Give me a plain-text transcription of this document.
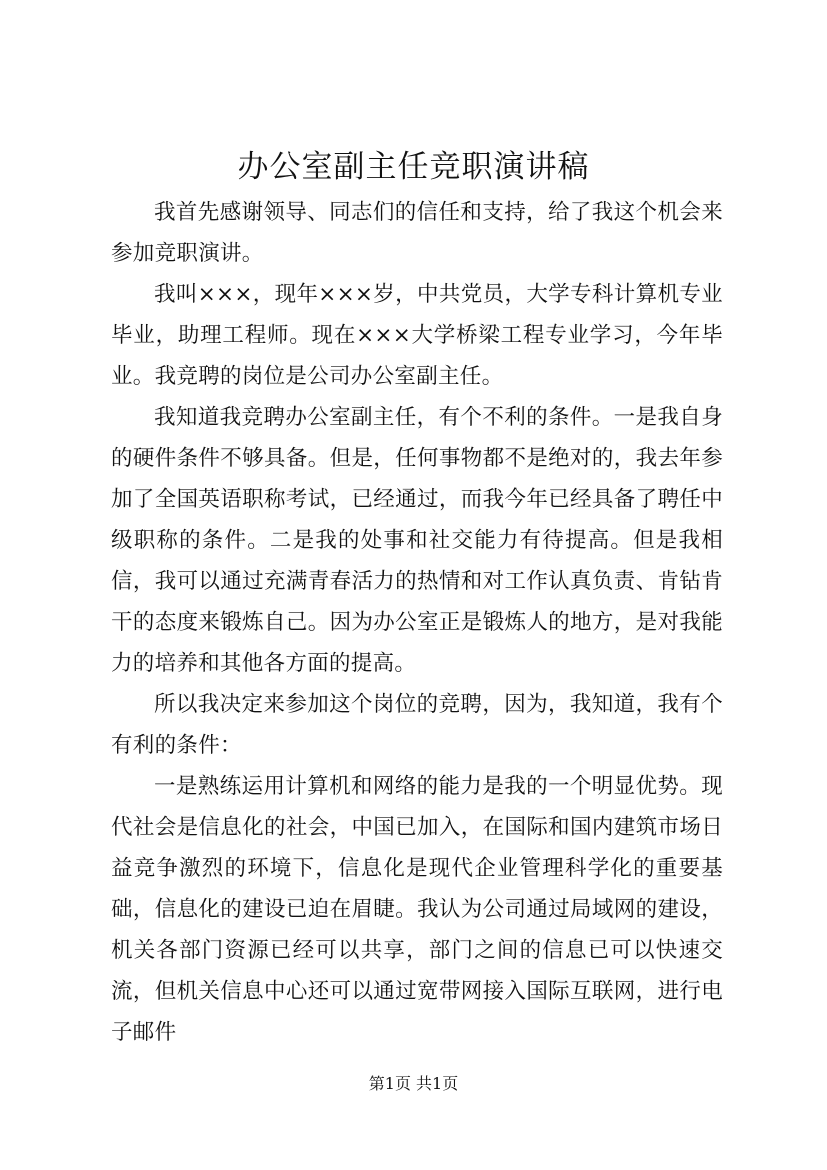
办公室副主任竞职演讲稿

我首先感谢领导、同志们的信任和支持，给了我这个机会来参加竞职演讲。

我叫×××，现年×××岁，中共党员，大学专科计算机专业毕业，助理工程师。现在×××大学桥梁工程专业学习，今年毕业。我竞聘的岗位是公司办公室副主任。

我知道我竞聘办公室副主任，有个不利的条件。一是我自身的硬件条件不够具备。但是，任何事物都不是绝对的，我去年参加了全国英语职称考试，已经通过，而我今年已经具备了聘任中级职称的条件。二是我的处事和社交能力有待提高。但是我相信，我可以通过充满青春活力的热情和对工作认真负责、肯钻肯干的态度来锻炼自己。因为办公室正是锻炼人的地方，是对我能力的培养和其他各方面的提高。

所以我决定来参加这个岗位的竞聘，因为，我知道，我有个有利的条件：

一是熟练运用计算机和网络的能力是我的一个明显优势。现代社会是信息化的社会，中国已加入，在国际和国内建筑市场日益竞争激烈的环境下，信息化是现代企业管理科学化的重要基础，信息化的建设已迫在眉睫。我认为公司通过局域网的建设，机关各部门资源已经可以共享，部门之间的信息已可以快速交流，但机关信息中心还可以通过宽带网接入国际互联网，进行电子邮件

第1页 共1页
